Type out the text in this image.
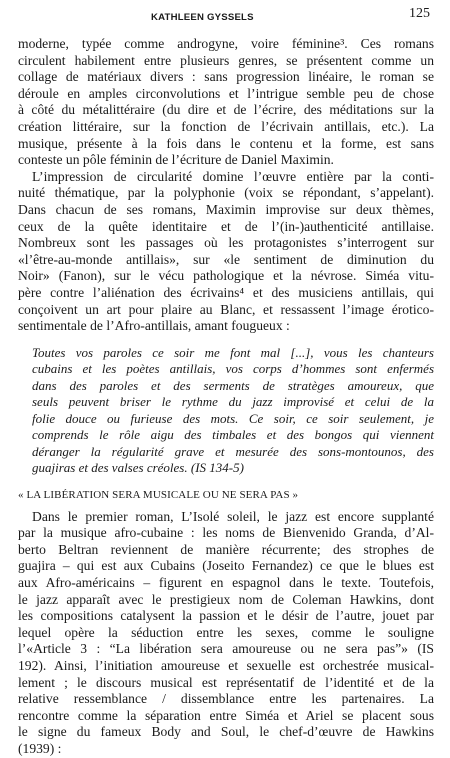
KATHLEEN GYSSELS	125
moderne, typée comme androgyne, voire féminine³. Ces romans
circulent habilement entre plusieurs genres, se présentent comme un
collage de matériaux divers : sans progression linéaire, le roman se
déroule en amples circonvolutions et l’intrigue semble peu de chose
à côté du métalittéraire (du dire et de l’écrire, des méditations sur la
création littéraire, sur la fonction de l’écrivain antillais, etc.). La
musique, présente à la fois dans le contenu et la forme, est sans
conteste un pôle féminin de l’écriture de Daniel Maximin.
L’impression de circularité domine l’œuvre entière par la conti-
nuité thématique, par la polyphonie (voix se répondant, s’appelant).
Dans chacun de ses romans, Maximin improvise sur deux thèmes,
ceux de la quête identitaire et de l’(in-)authenticité antillaise.
Nombreux sont les passages où les protagonistes s’interrogent sur
«l’être-au-monde antillais», sur «le sentiment de diminution du
Noir» (Fanon), sur le vécu pathologique et la névrose. Siméa vitu-
père contre l’aliénation des écrivains⁴ et des musiciens antillais, qui
conçoivent un art pour plaire au Blanc, et ressassent l’image érotico-
sentimentale de l’Afro-antillais, amant fougueux :
Toutes vos paroles ce soir me font mal [...], vous les chanteurs
cubains et les poètes antillais, vos corps d’hommes sont enfermés
dans des paroles et des serments de stratèges amoureux, que
seuls peuvent briser le rythme du jazz improvisé et celui de la
folie douce ou furieuse des mots. Ce soir, ce soir seulement, je
comprends le rôle aigu des timbales et des bongos qui viennent
déranger la régularité grave et mesurée des sons-montounos, des
guajiras et des valses créoles. (IS 134-5)
« LA LIBÉRATION SERA MUSICALE OU NE SERA PAS »
Dans le premier roman, L’Isolé soleil, le jazz est encore supplanté
par la musique afro-cubaine : les noms de Bienvenido Granda, d’Al-
berto Beltran reviennent de manière récurrente; des strophes de
guajira – qui est aux Cubains (Joseito Fernandez) ce que le blues est
aux Afro-américains – figurent en espagnol dans le texte. Toutefois,
le jazz apparaît avec le prestigieux nom de Coleman Hawkins, dont
les compositions catalysent la passion et le désir de l’autre, jouet par
lequel opère la séduction entre les sexes, comme le souligne
l’«Article 3 : “La libération sera amoureuse ou ne sera pas”» (IS
192). Ainsi, l’initiation amoureuse et sexuelle est orchestrée musical-
lement ; le discours musical est représentatif de l’identité et de la
relative ressemblance / dissemblance entre les partenaires. La
rencontre comme la séparation entre Siméa et Ariel se placent sous
le signe du fameux Body and Soul, le chef-d’œuvre de Hawkins
(1939) :
